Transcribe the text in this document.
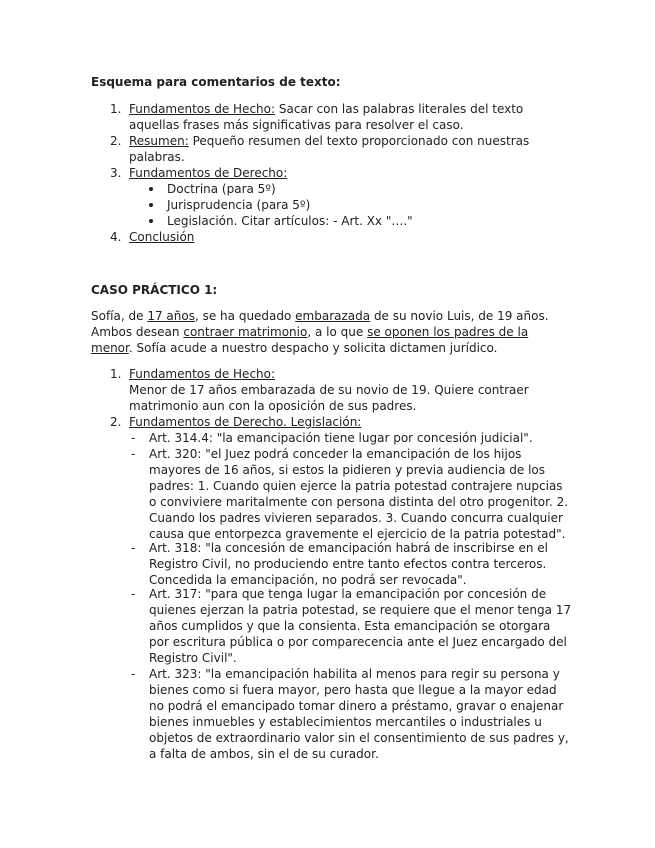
Esquema para comentarios de texto:
1. Fundamentos de Hecho: Sacar con las palabras literales del texto
aquellas frases más significativas para resolver el caso.
2. Resumen: Pequeño resumen del texto proporcionado con nuestras
palabras.
3. Fundamentos de Derecho:
Doctrina (para 5º)
Jurisprudencia (para 5º)
Legislación. Citar artículos: - Art. Xx "…."
4. Conclusión
CASO PRÁCTICO 1:
Sofía, de 17 años, se ha quedado embarazada de su novio Luis, de 19 años.
Ambos desean contraer matrimonio, a lo que se oponen los padres de la
menor. Sofía acude a nuestro despacho y solicita dictamen jurídico.
1. Fundamentos de Hecho:
Menor de 17 años embarazada de su novio de 19. Quiere contraer
matrimonio aun con la oposición de sus padres.
2. Fundamentos de Derecho. Legislación:
- Art. 314.4: "la emancipación tiene lugar por concesión judicial".
- Art. 320: "el Juez podrá conceder la emancipación de los hijos
mayores de 16 años, si estos la pidieren y previa audiencia de los
padres: 1. Cuando quien ejerce la patria potestad contrajere nupcias
o conviviere maritalmente con persona distinta del otro progenitor. 2.
Cuando los padres vivieren separados. 3. Cuando concurra cualquier
causa que entorpezca gravemente el ejercicio de la patria potestad".
- Art. 318: "la concesión de emancipación habrá de inscribirse en el
Registro Civil, no produciendo entre tanto efectos contra terceros.
Concedida la emancipación, no podrá ser revocada".
- Art. 317: "para que tenga lugar la emancipación por concesión de
quienes ejerzan la patria potestad, se requiere que el menor tenga 17
años cumplidos y que la consienta. Esta emancipación se otorgara
por escritura pública o por comparecencia ante el Juez encargado del
Registro Civil".
- Art. 323: "la emancipación habilita al menos para regir su persona y
bienes como si fuera mayor, pero hasta que llegue a la mayor edad
no podrá el emancipado tomar dinero a préstamo, gravar o enajenar
bienes inmuebles y establecimientos mercantiles o industriales u
objetos de extraordinario valor sin el consentimiento de sus padres y,
a falta de ambos, sin el de su curador.
